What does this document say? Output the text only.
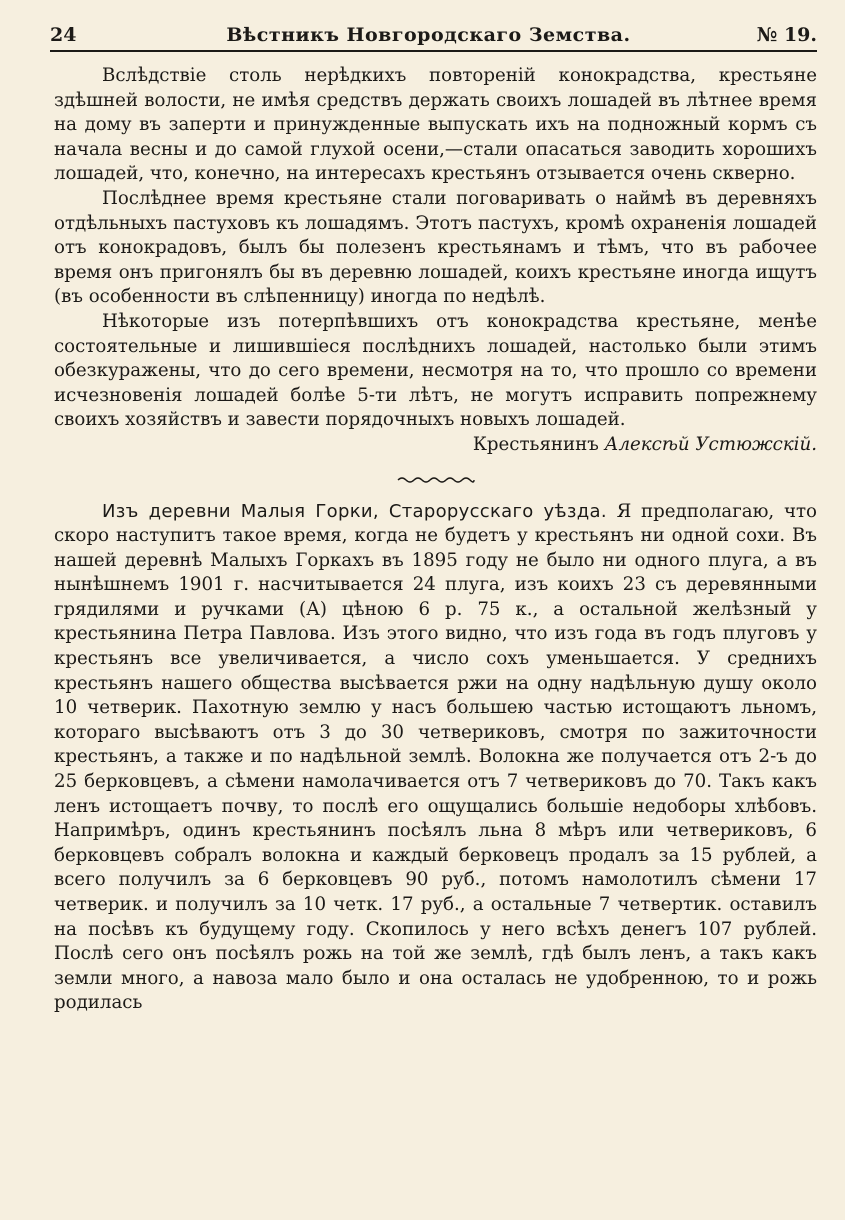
24	Вѣстникъ Новгородскаго Земства.	№ 19.

Вслѣдствіе столь нерѣдкихъ повтореній конокрадства, крестьяне здѣшней волости, не имѣя средствъ держать своихъ лошадей въ лѣтнее время на дому въ заперти и принужденные выпускать ихъ на подножный кормъ съ начала весны и до самой глухой осени,—стали опасаться заводить хорошихъ лошадей, что, конечно, на интересахъ крестьянъ отзывается очень скверно.

Послѣднее время крестьяне стали поговаривать о наймѣ въ деревняхъ отдѣльныхъ пастуховъ къ лошадямъ. Этотъ пастухъ, кромѣ охраненія лошадей отъ конокрадовъ, былъ бы полезенъ крестьянамъ и тѣмъ, что въ рабочее время онъ пригонялъ бы въ деревню лошадей, коихъ крестьяне иногда ищутъ (въ особенности въ слѣпенницу) иногда по недѣлѣ.

Нѣкоторые изъ потерпѣвшихъ отъ конокрадства крестьяне, менѣе состоятельные и лишившіеся послѣднихъ лошадей, настолько были этимъ обезкуражены, что до сего времени, несмотря на то, что прошло со времени исчезновенія лошадей болѣе 5-ти лѣтъ, не могутъ исправить попрежнему своихъ хозяйствъ и завести порядочныхъ новыхъ лошадей.

Крестьянинъ Алексѣй Устюжскій.

Изъ деревни Малыя Горки, Старорусскаго уѣзда. Я предполагаю, что скоро наступитъ такое время, когда не будетъ у крестьянъ ни одной сохи. Въ нашей деревнѣ Малыхъ Горкахъ въ 1895 году не было ни одного плуга, а въ нынѣшнемъ 1901 г. насчитывается 24 плуга, изъ коихъ 23 съ деревянными грядилями и ручками (А) цѣною 6 р. 75 к., а остальной желѣзный у крестьянина Петра Павлова. Изъ этого видно, что изъ года въ годъ плуговъ у крестьянъ все увеличивается, а число сохъ уменьшается. У среднихъ крестьянъ нашего общества высѣвается ржи на одну надѣльную душу около 10 четверик. Пахотную землю у насъ большею частью истощаютъ льномъ, котораго высѣваютъ отъ 3 до 30 четвериковъ, смотря по зажиточности крестьянъ, а также и по надѣльной землѣ. Волокна же получается отъ 2-ъ до 25 берковцевъ, а сѣмени намолачивается отъ 7 четвериковъ до 70. Такъ какъ ленъ истощаетъ почву, то послѣ его ощущались большіе недоборы хлѣбовъ. Напримѣръ, одинъ крестьянинъ посѣялъ льна 8 мѣръ или четвериковъ, 6 берковцевъ собралъ волокна и каждый берковецъ продалъ за 15 рублей, а всего получилъ за 6 берковцевъ 90 руб., потомъ намолотилъ сѣмени 17 четверик. и получилъ за 10 четк. 17 руб., а остальные 7 четвертик. оставилъ на посѣвъ къ будущему году. Скопилось у него всѣхъ денегъ 107 рублей. Послѣ сего онъ посѣялъ рожь на той же землѣ, гдѣ былъ ленъ, а такъ какъ земли много, а навоза мало было и она осталась не удобренною, то и рожь родилась
